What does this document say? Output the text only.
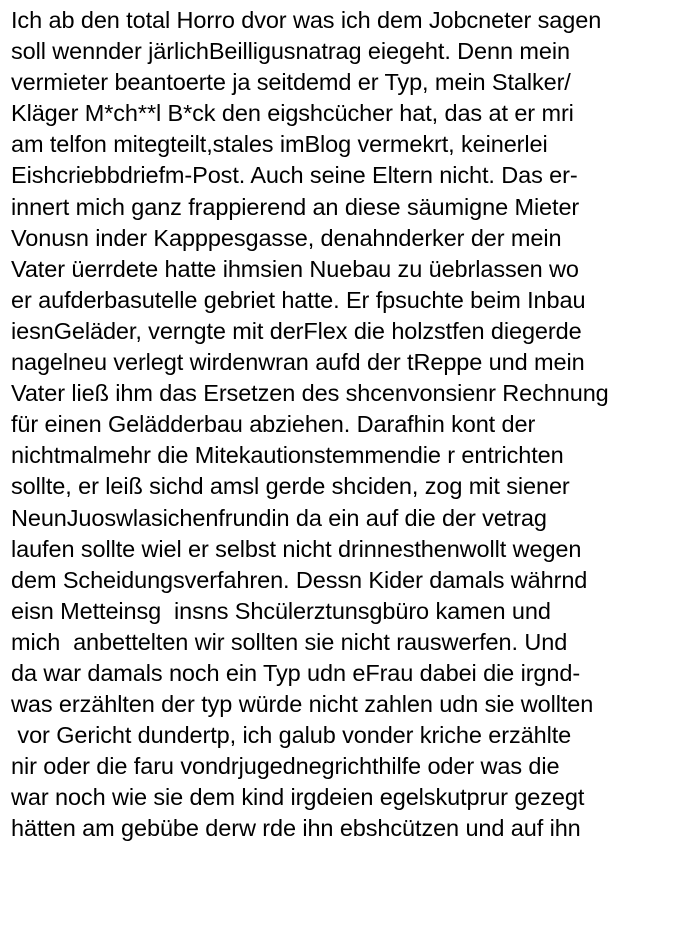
Ich ab den total Horro dvor was ich dem Jobcneter sagen
soll wennder järlichBeilligusnatrag eiegeht. Denn mein
vermieter beantoerte ja seitdemd er Typ, mein Stalker/
Kläger M*ch**l B*ck den eigshcücher hat, das at er mri
am telfon mitegteilt,stales imBlog vermekrt, keinerlei
Eishcriebbdriefm-Post. Auch seine Eltern nicht. Das er-
innert mich ganz frappierend an diese säumigne Mieter
Vonusn inder Kapppesgasse, denahnderker der mein
Vater üerrdete hatte ihmsien Nuebau zu üebrlassen wo
er aufderbasutelle gebriet hatte. Er fpsuchte beim Inbau
iesnGeläder, verngte mit derFlex die holzstfen diegerde
nagelneu verlegt wirdenwran aufd der tReppe und mein
Vater ließ ihm das Ersetzen des shcenvonsienr Rechnung
für einen Gelädderbau abziehen. Darafhin kont der
nichtmalmehr die Mitekautionstemmendie r entrichten
sollte, er leiß sichd amsl gerde shciden, zog mit siener
NeunJuoswlasichenfrundin da ein auf die der vetrag
laufen sollte wiel er selbst nicht drinnesthenwollt wegen
dem Scheidungsverfahren. Dessn Kider damals währnd
eisn Metteinsg  insns Shcülerztunsgbüro kamen und
mich  anbettelten wir sollten sie nicht rauswerfen. Und
da war damals noch ein Typ udn eFrau dabei die irgnd-
was erzählten der typ würde nicht zahlen udn sie wollten
vor Gericht dundertp, ich galub vonder kriche erzählte
nir oder die faru vondrjugednegrichthilfe oder was die
war noch wie sie dem kind irgdeien egelskutprur gezegt
hätten am gebübe derw rde ihn ebshcützen und auf ihn
